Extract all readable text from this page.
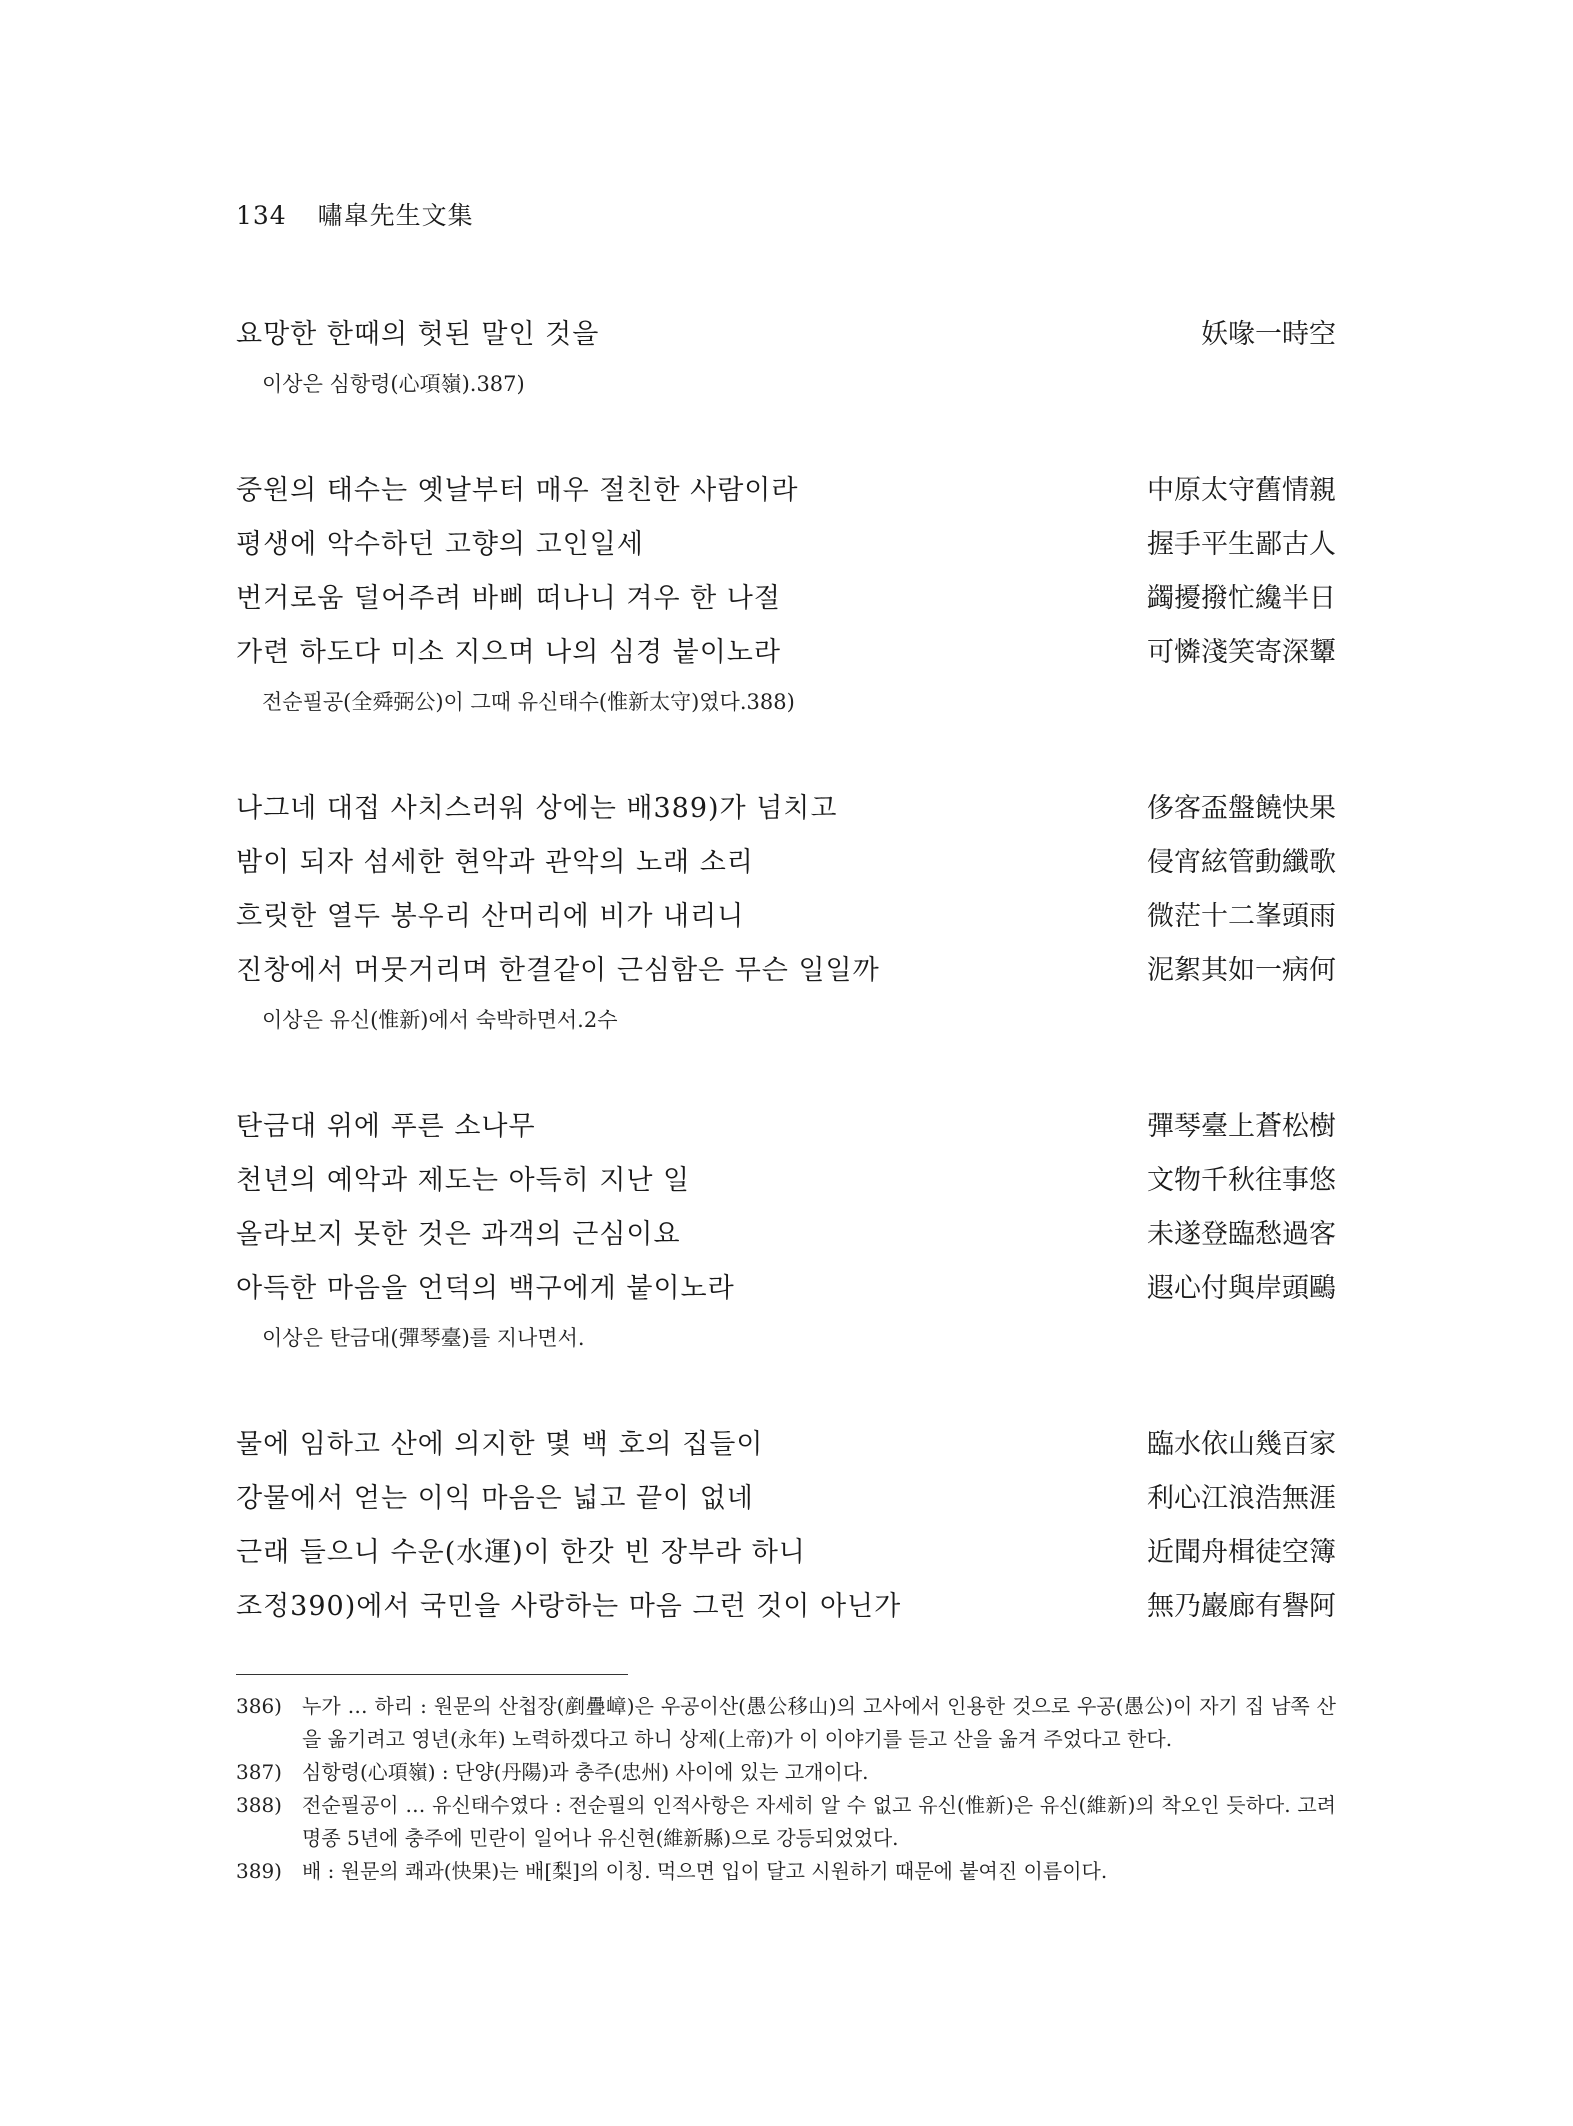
134 嘯皐先生文集
요망한 한때의 헛된 말인 것을	妖喙一時空
이상은 심항령(心項嶺).387)
중원의 태수는 옛날부터 매우 절친한 사람이라	中原太守舊情親
평생에 악수하던 고향의 고인일세	握手平生鄙古人
번거로움 덜어주려 바삐 떠나니 겨우 한 나절	蠲擾撥忙纔半日
가련 하도다 미소 지으며 나의 심경 붙이노라	可憐淺笑寄深顰
전순필공(全舜弼公)이 그때 유신태수(惟新太守)였다.388)
나그네 대접 사치스러워 상에는 배389)가 넘치고	侈客盃盤饒快果
밤이 되자 섬세한 현악과 관악의 노래 소리	侵宵絃管動纖歌
흐릿한 열두 봉우리 산머리에 비가 내리니	微茫十二峯頭雨
진창에서 머뭇거리며 한결같이 근심함은 무슨 일일까	泥絮其如一病何
이상은 유신(惟新)에서 숙박하면서.2수
탄금대 위에 푸른 소나무	彈琴臺上蒼松樹
천년의 예악과 제도는 아득히 지난 일	文物千秋往事悠
올라보지 못한 것은 과객의 근심이요	未遂登臨愁過客
아득한 마음을 언덕의 백구에게 붙이노라	遐心付與岸頭鷗
이상은 탄금대(彈琴臺)를 지나면서.
물에 임하고 산에 의지한 몇 백 호의 집들이	臨水依山幾百家
강물에서 얻는 이익 마음은 넓고 끝이 없네	利心江浪浩無涯
근래 들으니 수운(水運)이 한갓 빈 장부라 하니	近聞舟楫徒空簿
조정390)에서 국민을 사랑하는 마음 그런 것이 아닌가	無乃巖廊有譽阿
386)	누가 … 하리 : 원문의 산첩장(剷疊嶂)은 우공이산(愚公移山)의 고사에서 인용한 것으로 우공(愚公)이 자기 집 남쪽 산을 옮기려고 영년(永年) 노력하겠다고 하니 상제(上帝)가 이 이야기를 듣고 산을 옮겨 주었다고 한다.
387)	심항령(心項嶺) : 단양(丹陽)과 충주(忠州) 사이에 있는 고개이다.
388)	전순필공이 … 유신태수였다 : 전순필의 인적사항은 자세히 알 수 없고 유신(惟新)은 유신(維新)의 착오인 듯하다. 고려 명종 5년에 충주에 민란이 일어나 유신현(維新縣)으로 강등되었었다.
389)	배 : 원문의 쾌과(快果)는 배[梨]의 이칭. 먹으면 입이 달고 시원하기 때문에 붙여진 이름이다.
